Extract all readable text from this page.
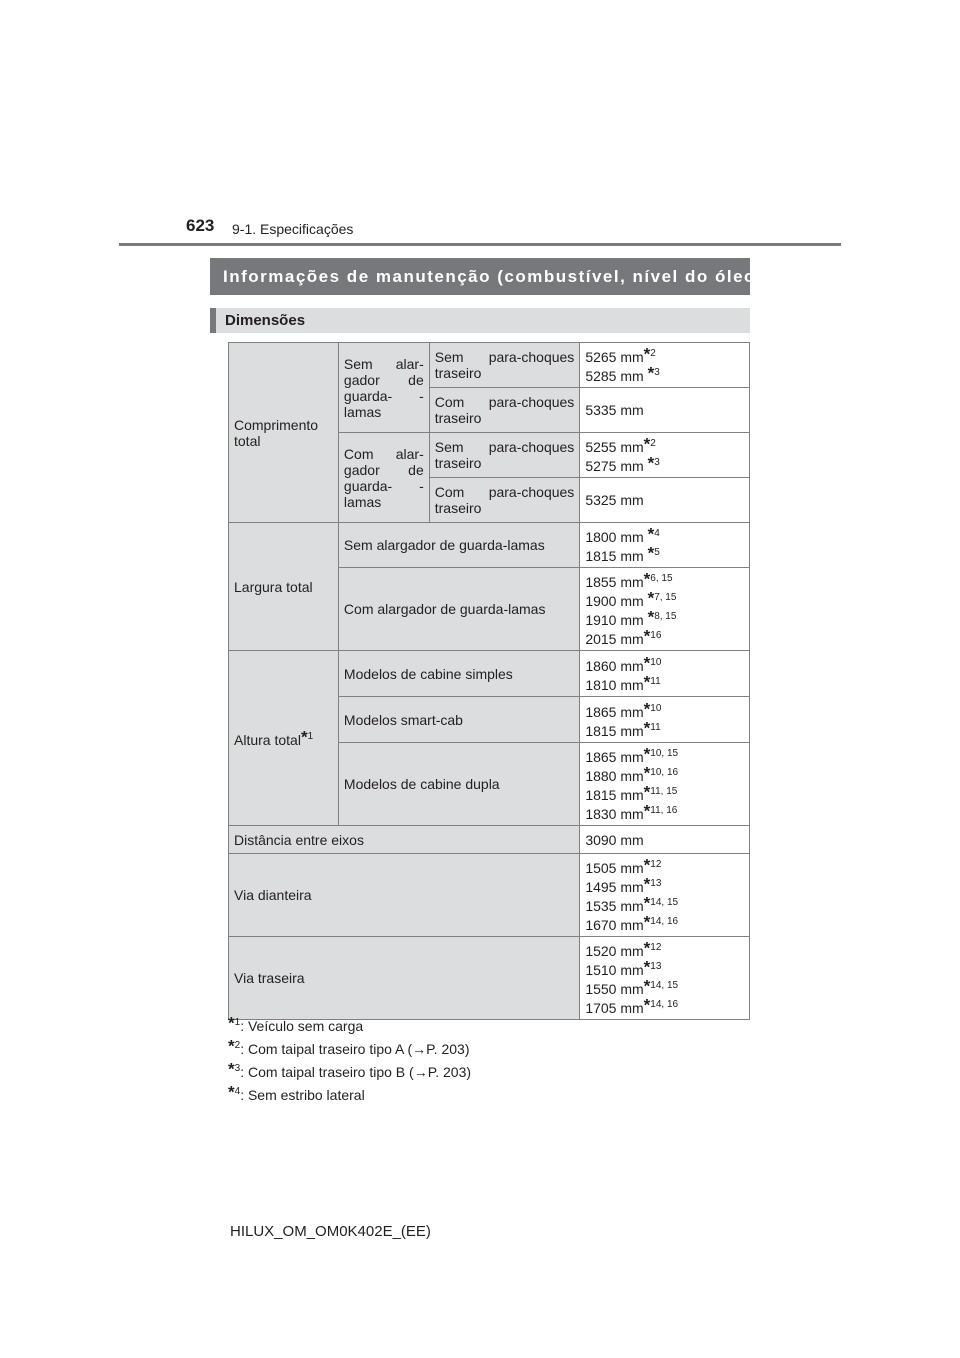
623 9-1. Especificações
Informações de manutenção (combustível, nível do óleo, etc.)
Dimensões
Comprimento total	Sem alar- gador de guarda- -lamas	Sem para-choques traseiro	5265 mm*$^2$
5285 mm *$^3$

		Com para-choques traseiro	5335 mm
	Com alar- gador de guarda- -lamas	Sem para-choques traseiro	5255 mm*$^2$
5275 mm *$^3$

		Com para-choques traseiro	5325 mm
Largura total	Sem alargador de guarda-lamas		1800 mm *$^4$
1815 mm *$^5$

	Com alargador de guarda-lamas		1855 mm*$^{6, 15}$
1900 mm *$^{7, 15}$
1910 mm *$^{8, 15}$
2015 mm*$^{16}$

Altura total*$^1$	Modelos de cabine simples		1860 mm*$^{10}$
1810 mm*$^{11}$

	Modelos smart-cab		1865 mm*$^{10}$
1815 mm*$^{11}$

	Modelos de cabine dupla		1865 mm*$^{10, 15}$
1880 mm*$^{10, 16}$
1815 mm*$^{11, 15}$
1830 mm*$^{11, 16}$

Distância entre eixos			3090 mm
Via dianteira			1505 mm*$^{12}$
1495 mm*$^{13}$
1535 mm*$^{14, 15}$
1670 mm*$^{14, 16}$

Via traseira			1520 mm*$^{12}$
1510 mm*$^{13}$
1550 mm*$^{14, 15}$
1705 mm*$^{14, 16}$
*$^1$: Veículo sem carga
*$^2$: Com taipal traseiro tipo A (→P. 203)
*$^3$: Com taipal traseiro tipo B (→P. 203)
*$^4$: Sem estribo lateral
HILUX_OM_OM0K402E_(EE)
